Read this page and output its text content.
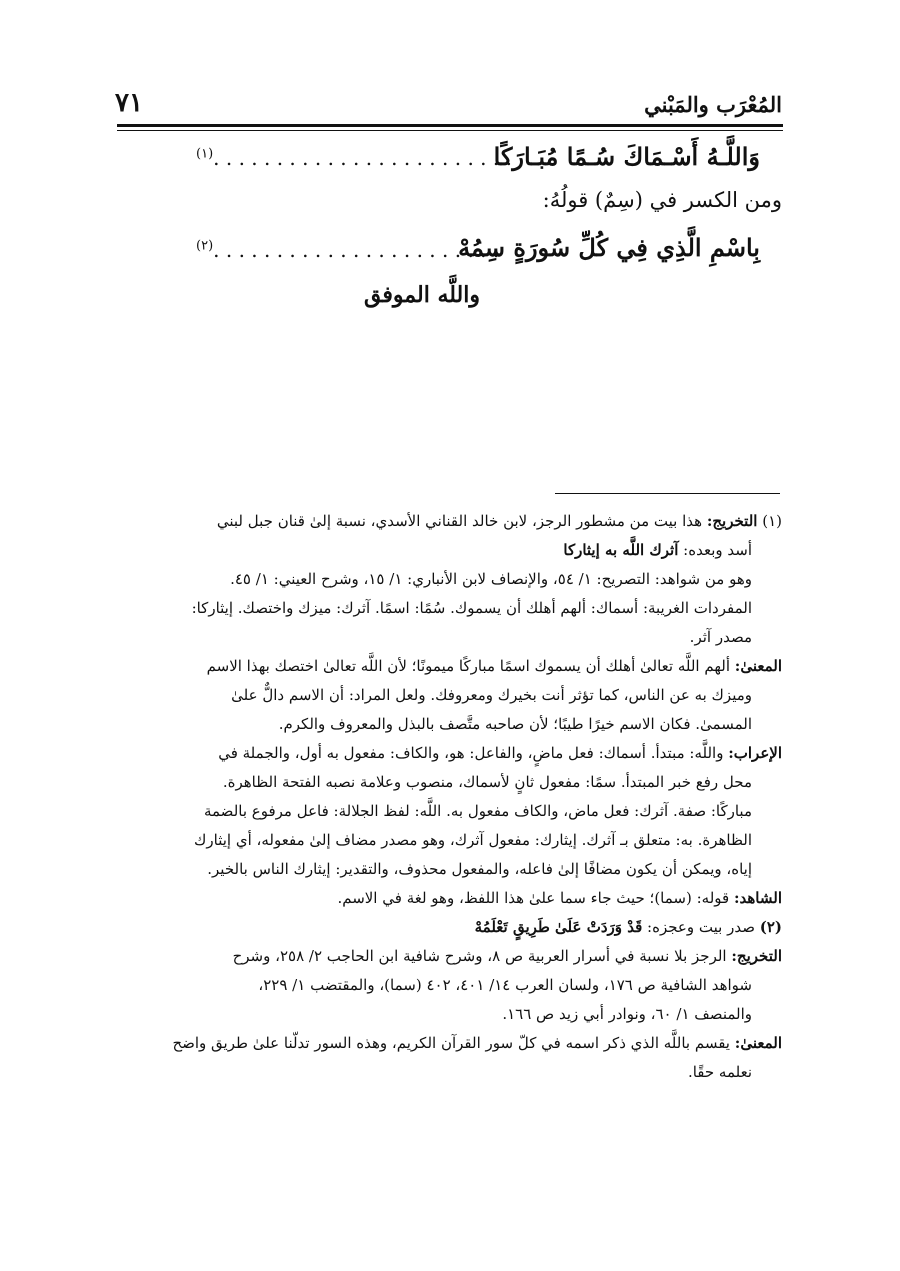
المُعْرَب والمَبْني
٧١
وَاللَّـهُ أَسْـمَاكَ سُـمًا مُبَـارَكًا
$^{(١)}$. . . . . . . . . . . . . . . . . . . . . . . .
ومن الكسر في (سِمٌ) قولُهُ:
بِاسْمِ الَّذِي فِي كُلِّ سُورَةٍ سِمُهْ
$^{(٢)}$. . . . . . . . . . . . . . . . . . . . . . .
واللَّه الموفق
(١) التخريج: هذا بيت من مشطور الرجز، لابن خالد القناني الأسدي، نسبة إلىٰ قنان جبل لبني
أسد وبعده: آثرك اللَّه به إيثاركا
وهو من شواهد: التصريح: ١/ ٥٤، والإنصاف لابن الأنباري: ١/ ١٥، وشرح العيني: ١/ ٤٥.
المفردات الغريبة: أسماك: ألهم أهلك أن يسموك. سُمًا: اسمًا. آثرك: ميزك واختصك. إيثاركا:
مصدر آثر.
المعنىٰ: ألهم اللَّه تعالىٰ أهلك أن يسموك اسمًا مباركًا ميمونًا؛ لأن اللَّه تعالىٰ اختصك بهذا الاسم
وميزك به عن الناس، كما تؤثر أنت بخيرك ومعروفك. ولعل المراد: أن الاسم دالٌّ علىٰ
المسمىٰ. فكان الاسم خيرًا طيبًا؛ لأن صاحبه متَّصف بالبذل والمعروف والكرم.
الإعراب: واللَّه: مبتدأ. أسماك: فعل ماضٍ، والفاعل: هو، والكاف: مفعول به أول، والجملة في
محل رفع خبر المبتدأ. سمًا: مفعول ثانٍ لأسماك، منصوب وعلامة نصبه الفتحة الظاهرة.
مباركًا: صفة. آثرك: فعل ماض، والكاف مفعول به. اللَّه: لفظ الجلالة: فاعل مرفوع بالضمة
الظاهرة. به: متعلق بـ آثرك. إيثارك: مفعول آثرك، وهو مصدر مضاف إلىٰ مفعوله، أي إيثارك
إياه، ويمكن أن يكون مضافًا إلىٰ فاعله، والمفعول محذوف، والتقدير: إيثارك الناس بالخير.
الشاهد: قوله: (سما)؛ حيث جاء سما علىٰ هذا اللفظ، وهو لغة في الاسم.
(٢) صدر بيت وعجزه: قَدْ وَرَدَتْ عَلَىٰ طَرِيقٍ تَعْلَمُهْ
التخريج: الرجز بلا نسبة في أسرار العربية ص ٨، وشرح شافية ابن الحاجب ٢/ ٢٥٨، وشرح
شواهد الشافية ص ١٧٦، ولسان العرب ١٤/ ٤٠١، ٤٠٢ (سما)، والمقتضب ١/ ٢٢٩،
والمنصف ١/ ٦٠، ونوادر أبي زيد ص ١٦٦.
المعنىٰ: يقسم باللَّه الذي ذكر اسمه في كلّ سور القرآن الكريم، وهذه السور تدلّنا علىٰ طريق واضح
نعلمه حقًا.
